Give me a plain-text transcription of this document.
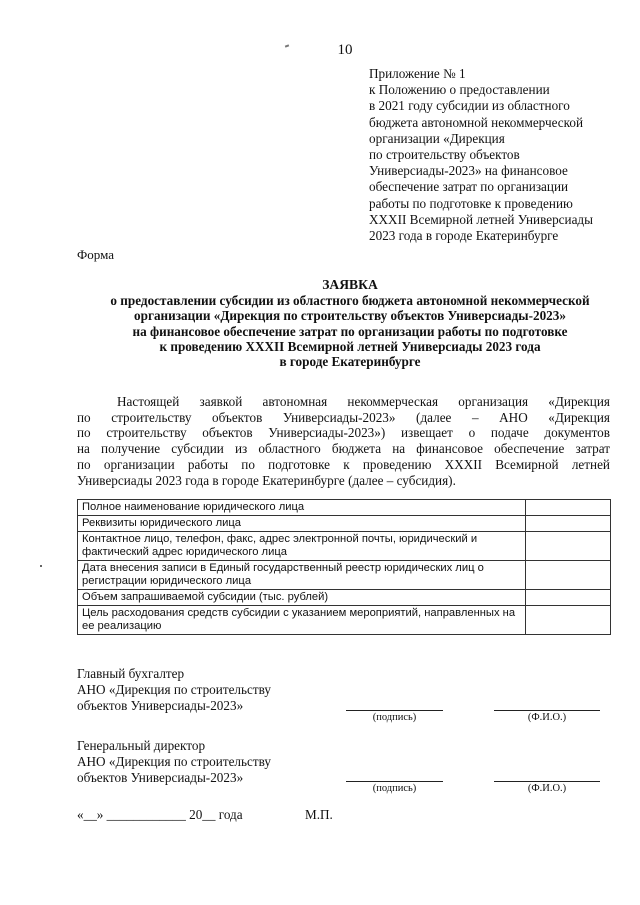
10
Приложение № 1
к Положению о предоставлении
в 2021 году субсидии из областного
бюджета автономной некоммерческой
организации «Дирекция
по строительству объектов
Универсиады-2023» на финансовое
обеспечение затрат по организации
работы по подготовке к проведению
XXXII Всемирной летней Универсиады
2023 года в городе Екатеринбурге
Форма
ЗАЯВКА
о предоставлении субсидии из областного бюджета автономной некоммерческой
организации «Дирекция по строительству объектов Универсиады-2023»
на финансовое обеспечение затрат по организации работы по подготовке
к проведению XXXII Всемирной летней Универсиады 2023 года
в городе Екатеринбурге
Настоящей заявкой автономная некоммерческая организация «Дирекция
по строительству объектов Универсиады-2023» (далее – АНО «Дирекция
по строительству объектов Универсиады-2023») извещает о подаче документов
на получение субсидии из областного бюджета на финансовое обеспечение затрат
по организации работы по подготовке к проведению XXXII Всемирной летней
Универсиады 2023 года в городе Екатеринбурге (далее – субсидия).
Полное наименование юридического лица	
Реквизиты юридического лица	
Контактное лицо, телефон, факс, адрес электронной почты, юридический и фактический адрес юридического лица	
Дата внесения записи в Единый государственный реестр юридических лиц о регистрации юридического лица	
Объем запрашиваемой субсидии (тыс. рублей)	
Цель расходования средств субсидии с указанием мероприятий, направленных на ее реализацию	
Главный бухгалтер
АНО «Дирекция по строительству
объектов Универсиады-2023»
(подпись)	(Ф.И.О.)
Генеральный директор
АНО «Дирекция по строительству
объектов Универсиады-2023»
(подпись)	(Ф.И.О.)
«__» ____________ 20__ года	М.П.
